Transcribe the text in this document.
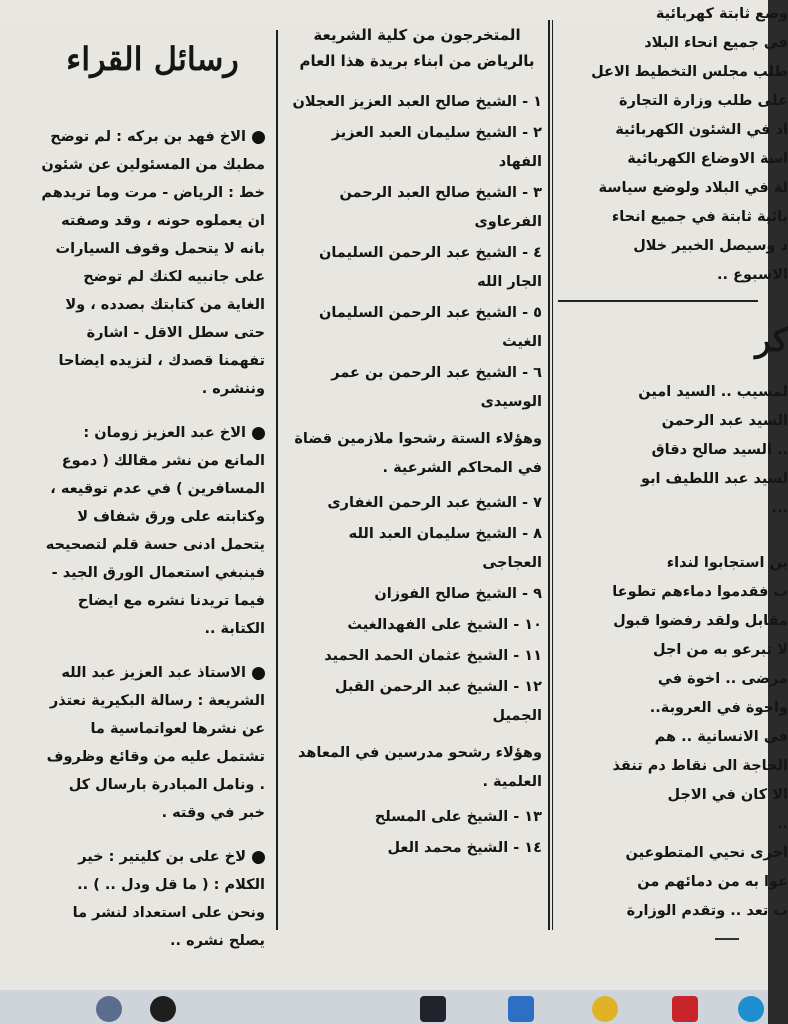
رسائل القراء

الاخ فهد بن بركه : لم توضح مطبك من المسئولين عن شئون خط : الرياض - مرت وما تريدهم ان يعملوه حونه ، وقد وصفته بانه لا يتحمل وقوف السيارات على جانبيه لكنك لم توضح الغاية من كتابتك بصدده ، ولا حتى سطل الاقل - اشارة تفهمنا قصدك ، لنزيده ايضاحا وننشره .

الاخ عبد العزيز زومان : المانع من نشر مقالك ( دموع المسافرين ) في عدم توقيعه ، وكتابته على ورق شفاف لا يتحمل ادنى حسة قلم لتصحيحه فينبغي استعمال الورق الجيد - فيما تريدنا نشره مع ايضاح الكتابة ..

الاستاذ عبد العزيز عبد الله الشريعة : رسالة البكيرية نعتذر عن نشرها لعواتماسية ما تشتمل عليه من وقائع وظروف . ونامل المبادرة بارسال كل خبر في وقته .

لاخ على بن كليتير : خير الكلام : ( ما قل ودل .. ) .. ونحن على استعداد لنشر ما يصلح نشره ..

المتخرجون من كلية الشريعة بالرياض من ابناء بريدة هذا العام

١ - الشيخ صالح العبد العزيز العجلان

٢ - الشيخ سليمان العبد العزيز الفهاد

٣ - الشيخ صالح العبد الرحمن الفرعاوى

٤ - الشيخ عبد الرحمن السليمان الجار الله

٥ - الشيخ عبد الرحمن السليمان الغيث

٦ - الشيخ عبد الرحمن بن عمر الوسيدى

وهؤلاء الستة رشحوا ملازمين قضاة في المحاكم الشرعية .

٧ - الشيخ عبد الرحمن الغفارى

٨ - الشيخ سليمان العبد الله العجاجى

٩ - الشيخ صالح الفوزان

١٠ - الشيخ على الفهدالغيث

١١ - الشيخ عثمان الحمد الحميد

١٢ - الشيخ عبد الرحمن القبل الجميل

وهؤلاء رشحو مدرسين في المعاهد العلمية .

١٣ - الشيخ على المسلح

١٤ - الشيخ محمد العل

وضع ثابتة كهربائية

في جميع انحاء البلاد

طلب مجلس التخطيط الاعل

على طلب وزارة التجارة

اد في الشئون الكهربائية

اسة الاوضاع الكهربائية

لة في البلاد ولوضع سياسة

بائية ثابتة في جميع انحاء

د وسيصل الخبير خلال

الاسبوع ..

كر

لمسيب .. السيد امين

السيد عبد الرحمن

.. السيد صالح دقاق

لسيد عبد اللطيف ابو

...

ين استجابوا لنداء

ب فقدموا دماءهم تطوعا

مقابل ولقد رفضوا قبول

لا تبرعو به من اجل

مرضى .. اخوة في

واخوة في العروبة..

في الانسانية .. هم

الحاجة الى نقاط دم تنقذ

الا كان في الاجل

..

اخرى نحيي المتطوعين

عوا به من دمائهم من

ب تعد .. وتقدم الوزارة
